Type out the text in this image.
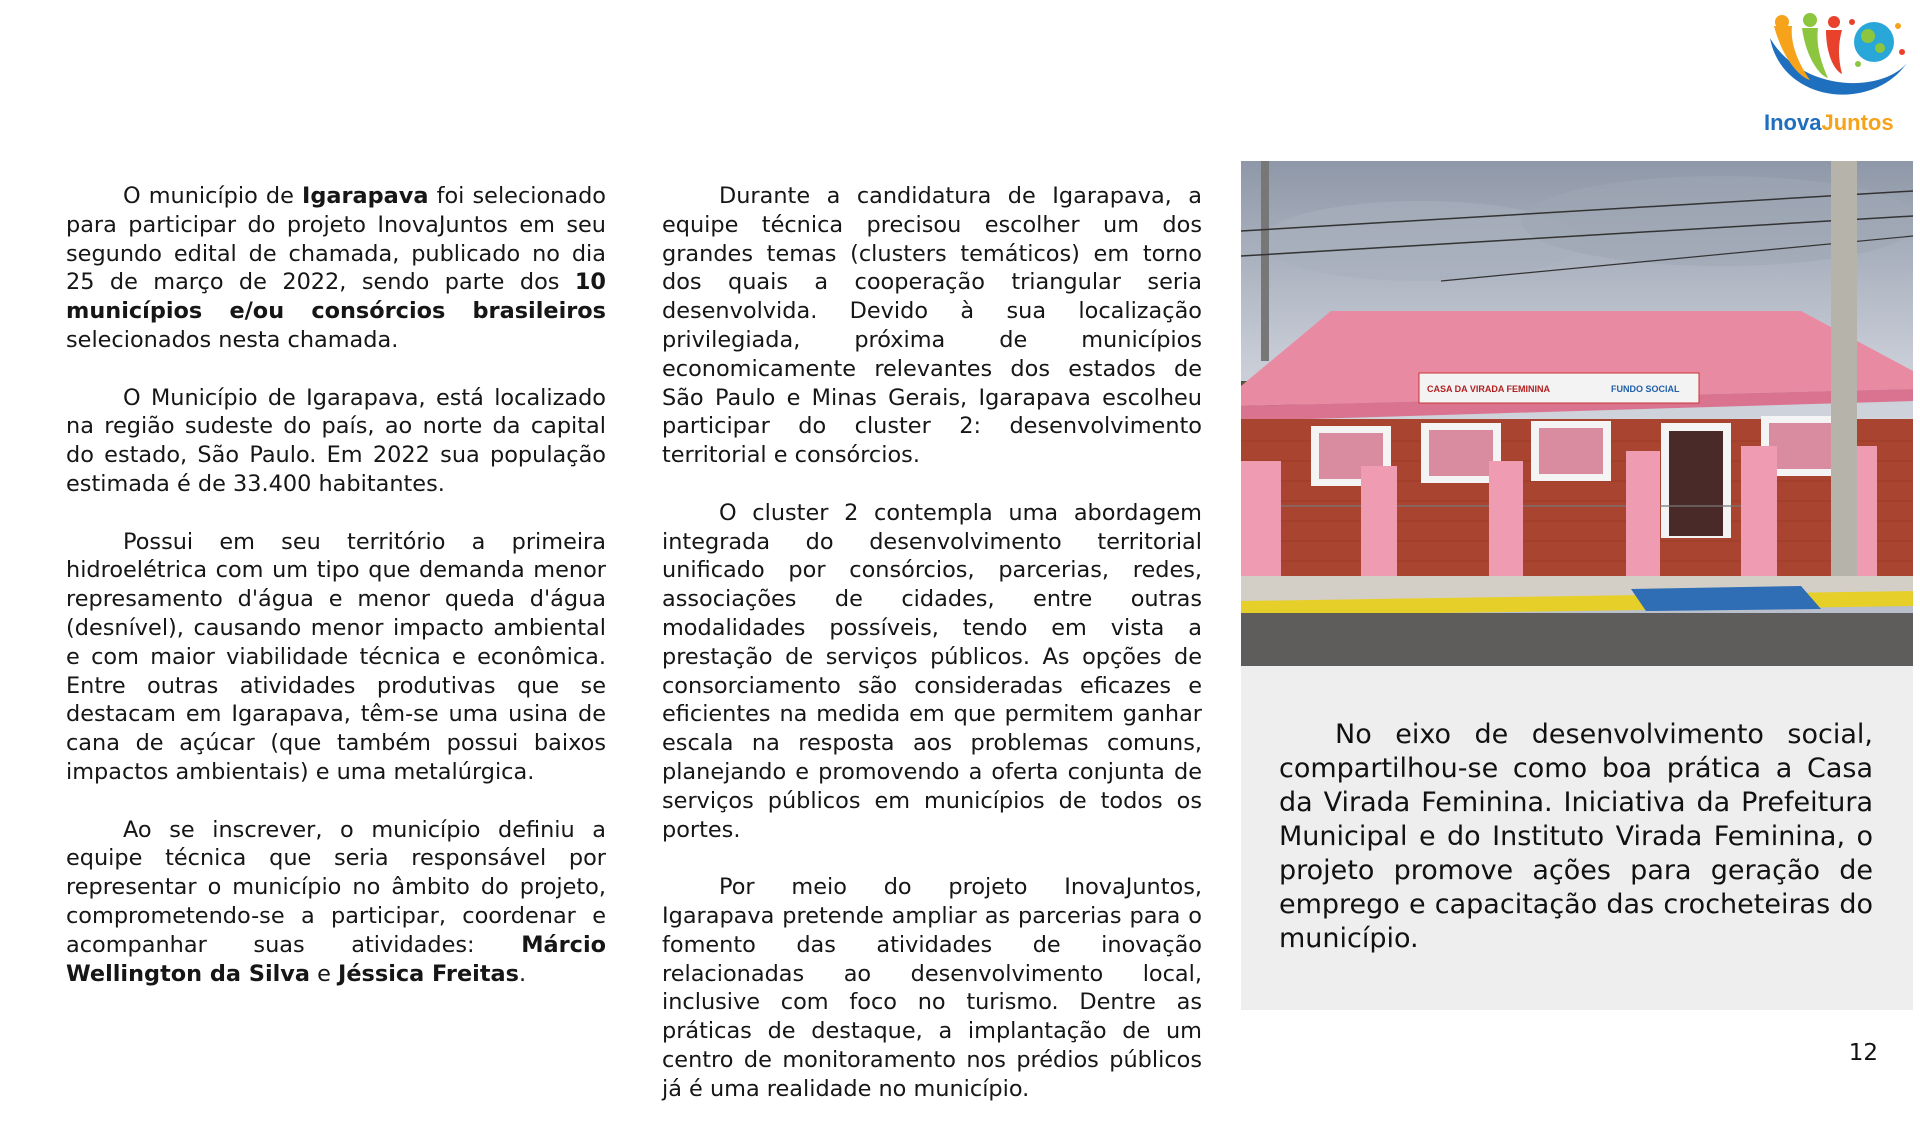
InovaJuntos

O município de Igarapava foi selecionado para participar do projeto InovaJuntos em seu segundo edital de chamada, publicado no dia 25 de março de 2022, sendo parte dos 10 municípios e/ou consórcios brasileiros selecionados nesta chamada.

O Município de Igarapava, está localizado na região sudeste do país, ao norte da capital do estado, São Paulo. Em 2022 sua população estimada é de 33.400 habitantes.

Possui em seu território a primeira hidroelétrica com um tipo que demanda menor represamento d'água e menor queda d'água (desnível), causando menor impacto ambiental e com maior viabilidade técnica e econômica. Entre outras atividades produtivas que se destacam em Igarapava, têm-se uma usina de cana de açúcar (que também possui baixos impactos ambientais) e uma metalúrgica.

Ao se inscrever, o município definiu a equipe técnica que seria responsável por representar o município no âmbito do projeto, comprometendo-se a participar, coordenar e acompanhar suas atividades: Márcio Wellington da Silva e Jéssica Freitas.

Durante a candidatura de Igarapava, a equipe técnica precisou escolher um dos grandes temas (clusters temáticos) em torno dos quais a cooperação triangular seria desenvolvida. Devido à sua localização privilegiada, próxima de municípios economicamente relevantes dos estados de São Paulo e Minas Gerais, Igarapava escolheu participar do cluster 2: desenvolvimento territorial e consórcios.

O cluster 2 contempla uma abordagem integrada do desenvolvimento territorial unificado por consórcios, parcerias, redes, associações de cidades, entre outras modalidades possíveis, tendo em vista a prestação de serviços públicos. As opções de consorciamento são consideradas eficazes e eficientes na medida em que permitem ganhar escala na resposta aos problemas comuns, planejando e promovendo a oferta conjunta de serviços públicos em municípios de todos os portes.

Por meio do projeto InovaJuntos, Igarapava pretende ampliar as parcerias para o fomento das atividades de inovação relacionadas ao desenvolvimento local, inclusive com foco no turismo. Dentre as práticas de destaque, a implantação de um centro de monitoramento nos prédios públicos já é uma realidade no município.

CASA DA VIRADA FEMININA	FUNDO SOCIAL

No eixo de desenvolvimento social, compartilhou-se como boa prática a Casa da Virada Feminina. Iniciativa da Prefeitura Municipal e do Instituto Virada Feminina, o projeto promove ações para geração de emprego e capacitação das crocheteiras do município.

12
